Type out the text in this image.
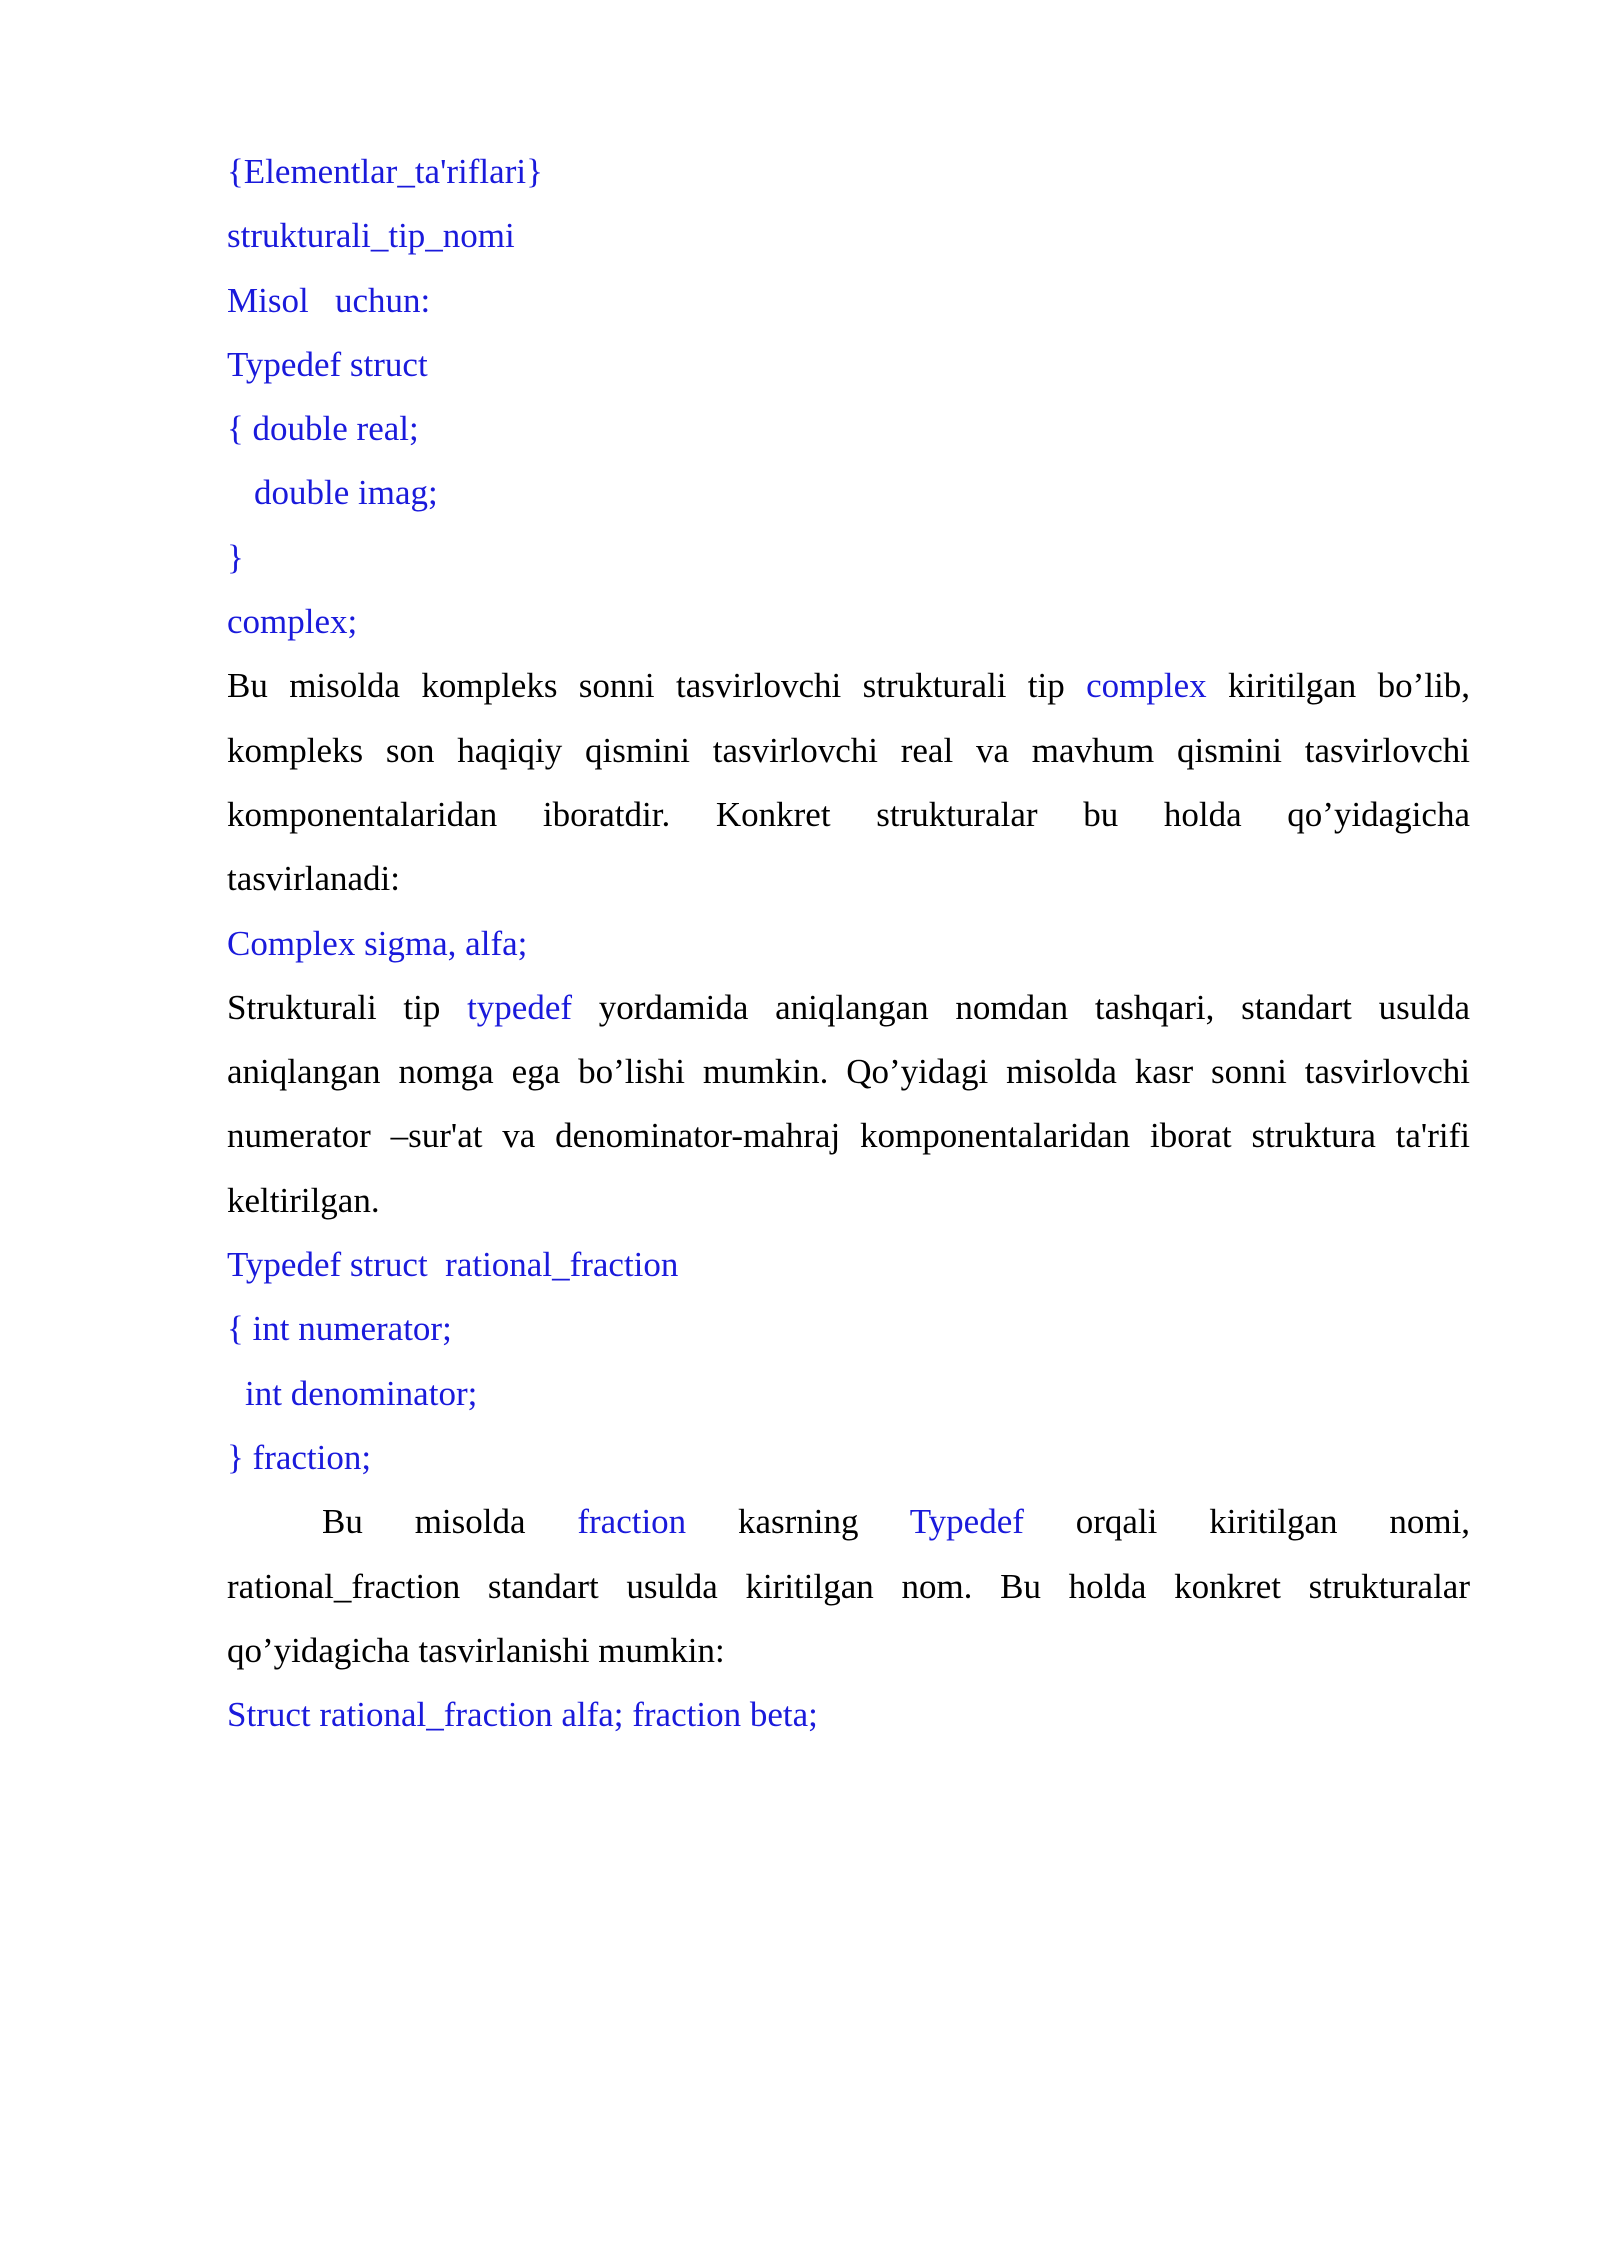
{Elementlar_ta'riflari}
strukturali_tip_nomi
Misol   uchun:
Typedef struct
{ double real;
double imag;
}
complex;
Bu misolda kompleks sonni tasvirlovchi strukturali tip complex kiritilgan bo’lib,
kompleks son haqiqiy qismini tasvirlovchi real va mavhum qismini tasvirlovchi
komponentalaridan iboratdir. Konkret strukturalar bu holda qo’yidagicha
tasvirlanadi:
Complex sigma, alfa;
Strukturali tip typedef yordamida aniqlangan nomdan tashqari, standart usulda
aniqlangan nomga ega bo’lishi mumkin. Qo’yidagi misolda kasr sonni tasvirlovchi
numerator –sur'at va denominator-mahraj komponentalaridan iborat struktura ta'rifi
keltirilgan.
Typedef struct  rational_fraction
{ int numerator;
int denominator;
} fraction;
Bu misolda fraction kasrning Typedef orqali kiritilgan nomi,
rational_fraction standart usulda kiritilgan nom. Bu holda konkret strukturalar
qo’yidagicha tasvirlanishi mumkin:
Struct rational_fraction alfa; fraction beta;
